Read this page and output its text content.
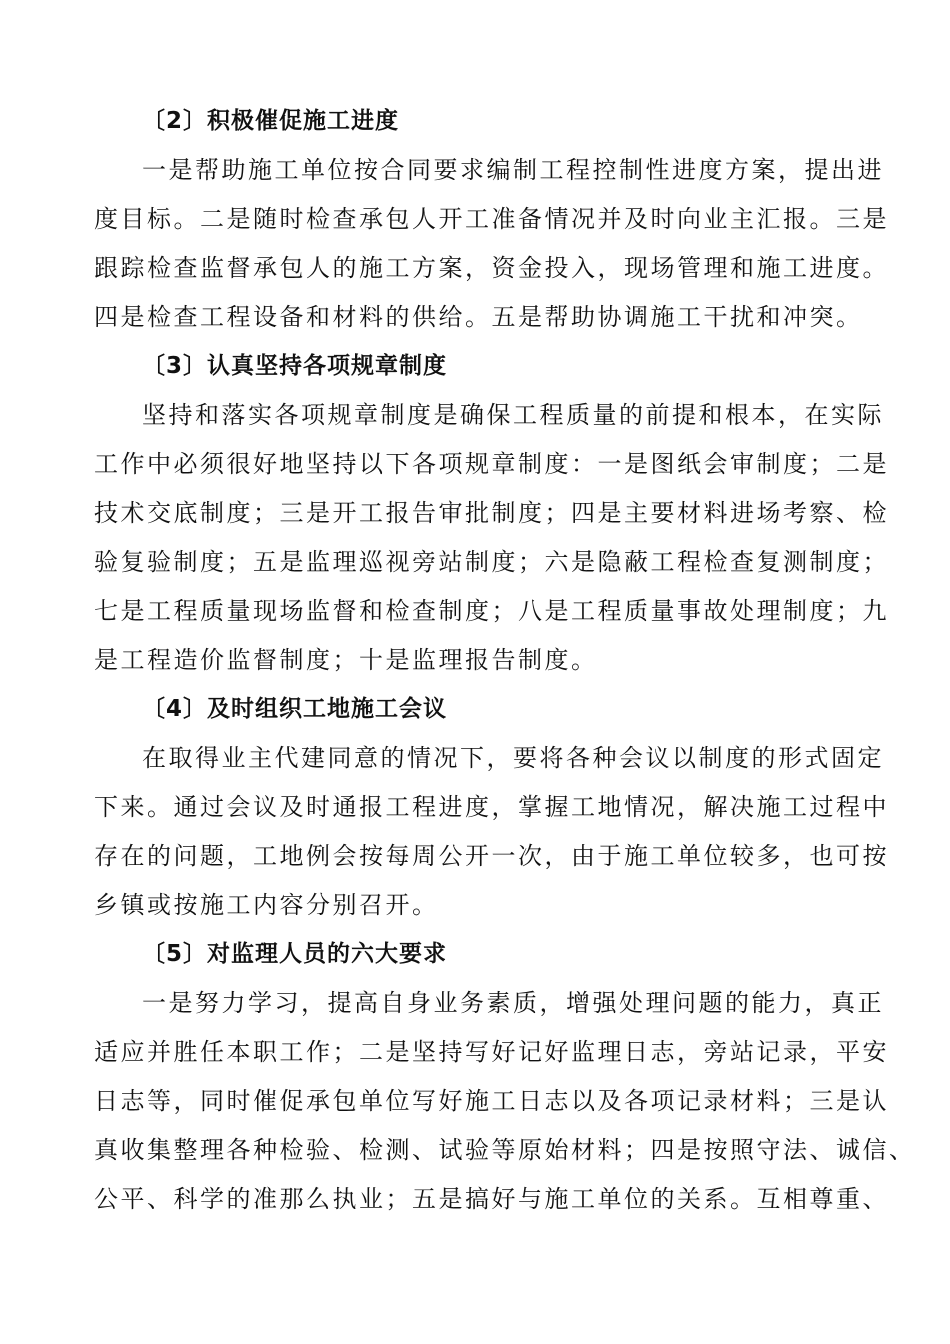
〔2〕积极催促施工进度
一是帮助施工单位按合同要求编制工程控制性进度方案，提出进
度目标。二是随时检查承包人开工准备情况并及时向业主汇报。三是
跟踪检查监督承包人的施工方案，资金投入，现场管理和施工进度。
四是检查工程设备和材料的供给。五是帮助协调施工干扰和冲突。
〔3〕认真坚持各项规章制度
坚持和落实各项规章制度是确保工程质量的前提和根本，在实际
工作中必须很好地坚持以下各项规章制度：一是图纸会审制度；二是
技术交底制度；三是开工报告审批制度；四是主要材料进场考察、检
验复验制度；五是监理巡视旁站制度；六是隐蔽工程检查复测制度；
七是工程质量现场监督和检查制度；八是工程质量事故处理制度；九
是工程造价监督制度；十是监理报告制度。
〔4〕及时组织工地施工会议
在取得业主代建同意的情况下，要将各种会议以制度的形式固定
下来。通过会议及时通报工程进度，掌握工地情况，解决施工过程中
存在的问题，工地例会按每周公开一次，由于施工单位较多，也可按
乡镇或按施工内容分别召开。
〔5〕对监理人员的六大要求
一是努力学习，提高自身业务素质，增强处理问题的能力，真正
适应并胜任本职工作；二是坚持写好记好监理日志，旁站记录，平安
日志等，同时催促承包单位写好施工日志以及各项记录材料；三是认
真收集整理各种检验、检测、试验等原始材料；四是按照守法、诚信、
公平、科学的准那么执业；五是搞好与施工单位的关系。互相尊重、
